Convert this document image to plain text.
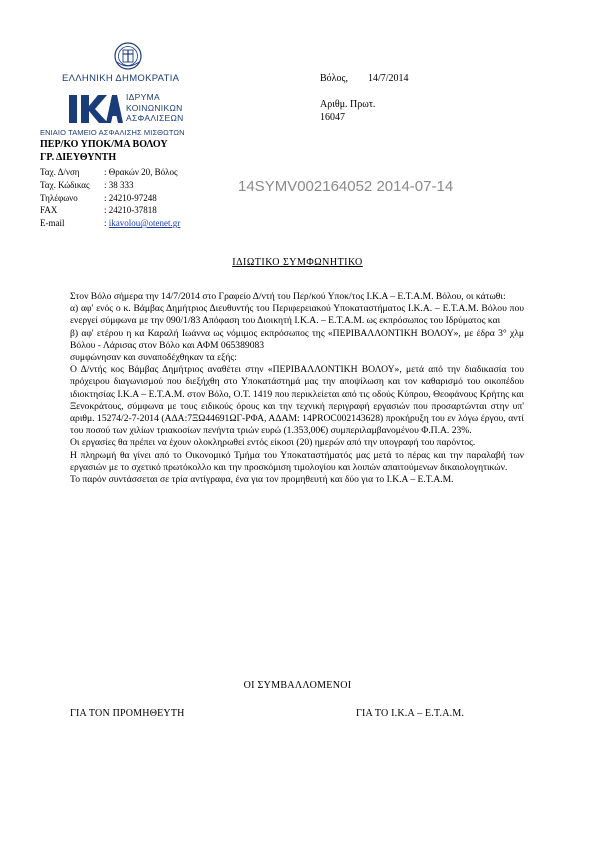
ΕΛΛΗΝΙΚΗ ΔΗΜΟΚΡΑΤΙΑ
ΙΔΡΥΜΑ
ΚΟΙΝΩΝΙΚΩΝ
ΑΣΦΑΛΙΣΕΩΝ
ΕΝΙΑΙΟ ΤΑΜΕΙΟ ΑΣΦΑΛΙΣΗΣ ΜΙΣΘΩΤΩΝ
ΠΕΡ/ΚΟ ΥΠΟΚ/ΜΑ ΒΟΛΟΥ
ΓΡ. ΔΙΕΥΘΥΝΤΗ
Ταχ. Δ/νση	: Θρακών 20, Βόλος
Ταχ. Κώδικας : 38 333
Τηλέφωνο	: 24210-97248
FAX	: 24210-37818
E-mail	: ikavolou@otenet.gr
Βόλος, 14/7/2014
Αριθμ. Πρωτ.
16047
14SYMV002164052 2014-07-14
ΙΔΙΩΤΙΚΟ ΣΥΜΦΩΝΗΤΙΚΟ

Στον Βόλο σήμερα την 14/7/2014 στο Γραφείο Δ/ντή του Περ/κού Υποκ/τος Ι.Κ.Α – Ε.Τ.Α.Μ. Βόλου, οι κάτωθι:

α) αφ' ενός ο κ. Βάμβας Δημήτριος Διευθυντής του Περιφερειακού Υποκαταστήματος Ι.Κ.Α. – Ε.Τ.Α.Μ. Βόλου που ενεργεί σύμφωνα με την 090/1/83 Απόφαση του Διοικητή Ι.Κ.Α. – Ε.Τ.Α.Μ. ως εκπρόσωπος του Ιδρύματος και

β) αφ' ετέρου η κα Καραλή Ιωάννα ως νόμιμος εκπρόσωπος της «ΠΕΡΙΒΑΛΛΟΝΤΙΚΗ ΒΟΛΟΥ», με έδρα 3° χλμ Βόλου - Λάρισας στον Βόλο και ΑΦΜ 065389083

συμφώνησαν και συναποδέχθηκαν τα εξής:

Ο Δ/ντής κος Βάμβας Δημήτριος αναθέτει στην «ΠΕΡΙΒΑΛΛΟΝΤΙΚΗ ΒΟΛΟΥ», μετά από την διαδικασία του πρόχειρου διαγωνισμού που διεξήχθη στο Υποκατάστημά μας την αποψίλωση και τον καθαρισμό του οικοπέδου ιδιοκτησίας Ι.Κ.Α – Ε.Τ.Α.Μ. στον Βόλο, Ο.Τ. 1419 που περικλείεται από τις οδούς Κύπρου, Θεοφάνους Κρήτης και Ξενοκράτους, σύμφωνα με τους ειδικούς όρους και την τεχνική περιγραφή εργασιών που προσαρτώνται στην υπ' αριθμ. 15274/2-7-2014 (ΑΔΑ:7ΞΩ44691ΩΓ-ΡΦΑ, ΑΔΑΜ: 14PROC002143628) προκήρυξη του εν λόγω έργου, αντί του ποσού των χιλίων τριακοσίων πενήντα τριών ευρώ (1.353,00€) συμπεριλαμβανομένου Φ.Π.Α. 23%.

Οι εργασίες θα πρέπει να έχουν ολοκληρωθεί εντός είκοσι (20) ημερών από την υπογραφή του παρόντος.

Η πληρωμή θα γίνει από το Οικονομικό Τμήμα του Υποκαταστήματός μας μετά το πέρας και την παραλαβή των εργασιών με το σχετικό πρωτόκολλο και την προσκόμιση τιμολογίου και λοιπών απαιτούμενων δικαιολογητικών.

Το παρόν συντάσσεται σε τρία αντίγραφα, ένα για τον προμηθευτή και δύο για το Ι.Κ.Α – Ε.Τ.Α.Μ.

ΟΙ ΣΥΜΒΑΛΛΟΜΕΝΟΙ
ΓΙΑ ΤΟΝ ΠΡΟΜΗΘΕΥΤΗ	ΓΙΑ ΤΟ Ι.Κ.Α – Ε.Τ.Α.Μ.
